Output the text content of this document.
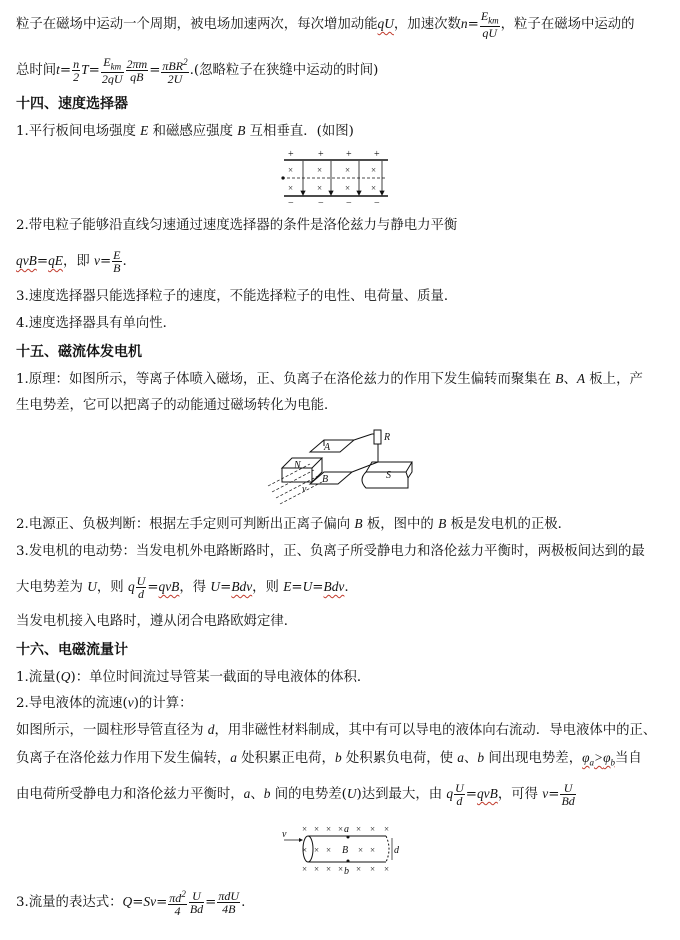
粒子在磁场中运动一个周期，被电场加速两次，每次增加动能qU，加速次数$n= \frac{E_{km}}{qU}$ ，粒子在磁场中运动的
总时间$t= \frac{n}{2} T= \frac{E_{km}}{2qU} \frac{2\pi m}{qB} = \frac{\pi BR^2}{2U}$ .(忽略粒子在狭缝中运动的时间)
十四、速度选择器
1.平行板间电场强度 E 和磁感应强度 B 互相垂直．(如图)
+ + + +
− − − −
×	×	× ×
×	×	× ×
2.带电粒子能够沿直线匀速通过速度选择器的条件是洛伦兹力与静电力平衡
qvB=qE，即 $v= \frac{E}{B}$ .
3.速度选择器只能选择粒子的速度，不能选择粒子的电性、电荷量、质量．
4.速度选择器具有单向性．
十五、磁流体发电机
1.原理：如图所示，等离子体喷入磁场，正、负离子在洛伦兹力的作用下发生偏转而聚集在 B、A 板上，产
生电势差，它可以把离子的动能通过磁场转化为电能．
N
A
B	S
R
v
2.电源正、负极判断：根据左手定则可判断出正离子偏向 B 板，图中的 B 板是发电机的正极．
3.发电机的电动势：当发电机外电路断路时，正、负离子所受静电力和洛伦兹力平衡时，两极板间达到的最
大电势差为 U，则 q $\frac{U}{d} =qvB$，得 U=Bdv，则 E=U=Bdv.
当发电机接入电路时，遵从闭合电路欧姆定律．
十六、电磁流量计
1.流量(Q)：单位时间流过导管某一截面的导电液体的体积．
2.导电液体的流速(v)的计算：
如图所示，一圆柱形导管直径为 d，用非磁性材料制成，其中有可以导电的液体向右流动．导电液体中的正、
负离子在洛伦兹力作用下发生偏转，a 处积累正电荷，b 处积累负电荷，使 a、b 间出现电势差，$\varphi_a>\varphi_b$当自
由电荷所受静电力和洛伦兹力平衡时，a、b 间的电势差(U)达到最大，由 q $\frac{U}{d} =qvB$，可得 $v= \frac{U}{Bd}$
× × × × × × ×
× × ×	× ×
× × × × × × ×
v	a
b
B	d
3.流量的表达式：$Q=Sv= \frac{\pi d^2}{4} \frac{U}{Bd} = \frac{\text{πdU}}{4B}$ .
